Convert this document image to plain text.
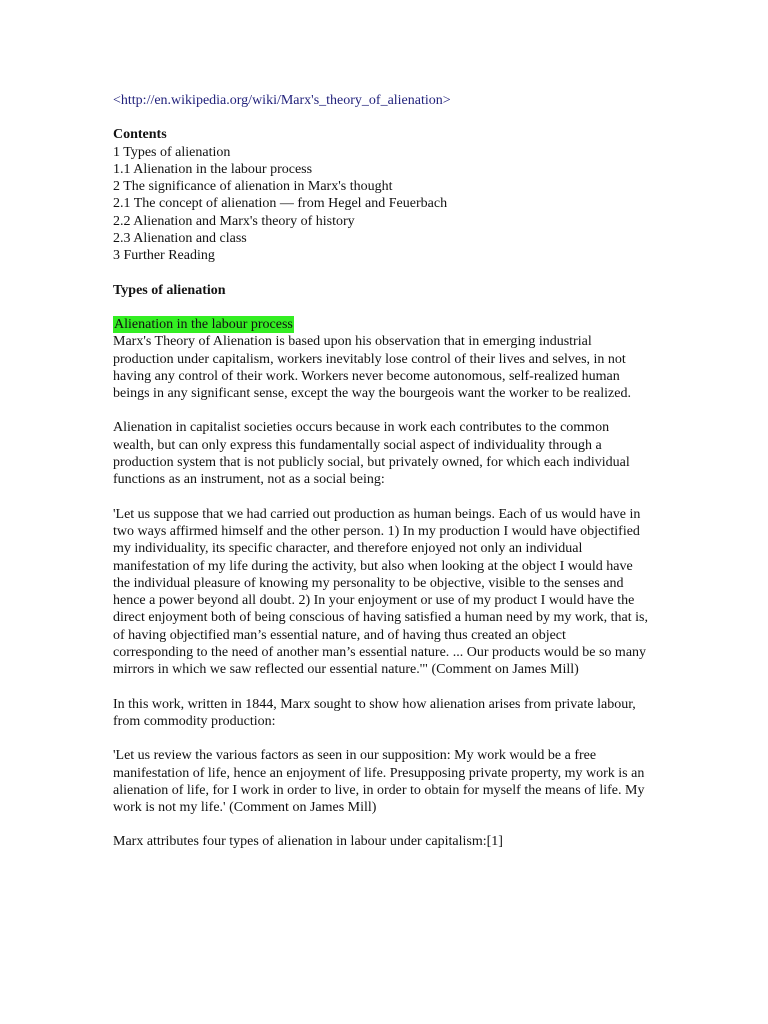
<http://en.wikipedia.org/wiki/Marx's_theory_of_alienation>

Contents

1 Types of alienation
1.1 Alienation in the labour process
2 The significance of alienation in Marx's thought
2.1 The concept of alienation — from Hegel and Feuerbach
2.2 Alienation and Marx's theory of history
2.3 Alienation and class
3 Further Reading

Types of alienation

Alienation in the labour process

Marx's Theory of Alienation is based upon his observation that in emerging industrial production under capitalism, workers inevitably lose control of their lives and selves, in not having any control of their work. Workers never become autonomous, self-realized human beings in any significant sense, except the way the bourgeois want the worker to be realized.

Alienation in capitalist societies occurs because in work each contributes to the common wealth, but can only express this fundamentally social aspect of individuality through a production system that is not publicly social, but privately owned, for which each individual functions as an instrument, not as a social being:

'Let us suppose that we had carried out production as human beings. Each of us would have in two ways affirmed himself and the other person. 1) In my production I would have objectified my individuality, its specific character, and therefore enjoyed not only an individual manifestation of my life during the activity, but also when looking at the object I would have the individual pleasure of knowing my personality to be objective, visible to the senses and hence a power beyond all doubt. 2) In your enjoyment or use of my product I would have the direct enjoyment both of being conscious of having satisfied a human need by my work, that is, of having objectified man’s essential nature, and of having thus created an object corresponding to the need of another man’s essential nature. ... Our products would be so many mirrors in which we saw reflected our essential nature.'" (Comment on James Mill)

In this work, written in 1844, Marx sought to show how alienation arises from private labour, from commodity production:

'Let us review the various factors as seen in our supposition: My work would be a free manifestation of life, hence an enjoyment of life. Presupposing private property, my work is an alienation of life, for I work in order to live, in order to obtain for myself the means of life. My work is not my life.' (Comment on James Mill)

Marx attributes four types of alienation in labour under capitalism:[1]
